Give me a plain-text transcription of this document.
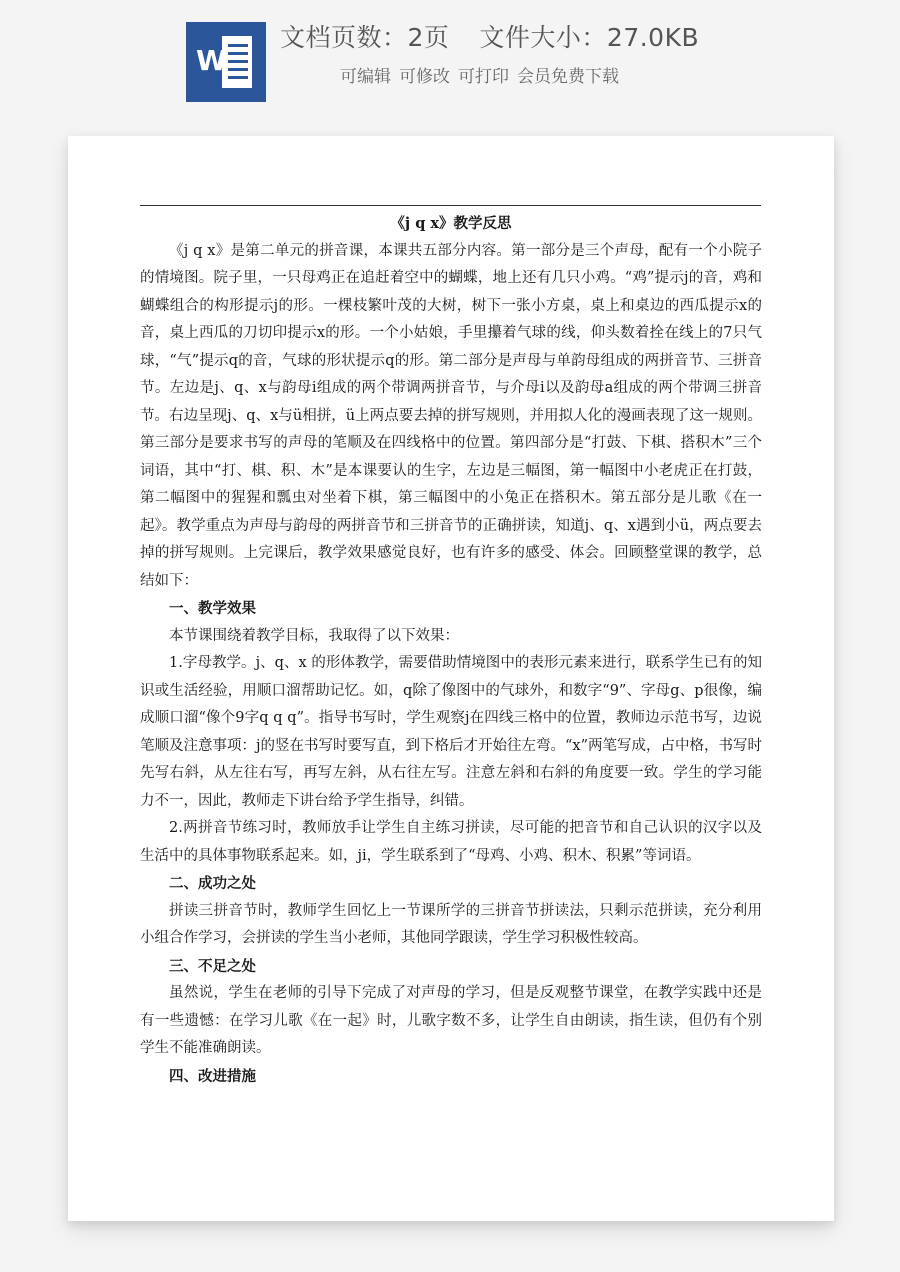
W
文档页数：2页 文件大小：27.0KB
可编辑 可修改 可打印 会员免费下载

《j q x》教学反思

《j q x》是第二单元的拼音课，本课共五部分内容。第一部分是三个声母，配有一个小院子的情境图。院子里，一只母鸡正在追赶着空中的蝴蝶，地上还有几只小鸡。“鸡”提示j的音，鸡和蝴蝶组合的构形提示j的形。一棵枝繁叶茂的大树，树下一张小方桌，桌上和桌边的西瓜提示x的音，桌上西瓜的刀切印提示x的形。一个小姑娘，手里攥着气球的线，仰头数着拴在线上的7只气球，“气”提示q的音，气球的形状提示q的形。第二部分是声母与单韵母组成的两拼音节、三拼音节。左边是j、q、x与韵母i组成的两个带调两拼音节，与介母i以及韵母a组成的两个带调三拼音节。右边呈现j、q、x与ü相拼，ü上两点要去掉的拼写规则，并用拟人化的漫画表现了这一规则。第三部分是要求书写的声母的笔顺及在四线格中的位置。第四部分是“打鼓、下棋、搭积木”三个词语，其中“打、棋、积、木”是本课要认的生字，左边是三幅图，第一幅图中小老虎正在打鼓，第二幅图中的猩猩和瓢虫对坐着下棋，第三幅图中的小兔正在搭积木。第五部分是儿歌《在一起》。教学重点为声母与韵母的两拼音节和三拼音节的正确拼读，知道j、q、x遇到小ü，两点要去掉的拼写规则。上完课后，教学效果感觉良好，也有许多的感受、体会。回顾整堂课的教学，总结如下：

一、教学效果

本节课围绕着教学目标，我取得了以下效果：

1.字母教学。j、q、x 的形体教学，需要借助情境图中的表形元素来进行，联系学生已有的知识或生活经验，用顺口溜帮助记忆。如，q除了像图中的气球外，和数字“9”、字母g、p很像，编成顺口溜“像个9字q q q”。指导书写时，学生观察j在四线三格中的位置，教师边示范书写，边说笔顺及注意事项：j的竖在书写时要写直，到下格后才开始往左弯。“x”两笔写成，占中格，书写时先写右斜，从左往右写，再写左斜，从右往左写。注意左斜和右斜的角度要一致。学生的学习能力不一，因此，教师走下讲台给予学生指导，纠错。

2.两拼音节练习时，教师放手让学生自主练习拼读，尽可能的把音节和自己认识的汉字以及生活中的具体事物联系起来。如，ji，学生联系到了“母鸡、小鸡、积木、积累”等词语。

二、成功之处

拼读三拼音节时，教师学生回忆上一节课所学的三拼音节拼读法，只剩示范拼读，充分利用小组合作学习，会拼读的学生当小老师，其他同学跟读，学生学习积极性较高。

三、不足之处

虽然说，学生在老师的引导下完成了对声母的学习，但是反观整节课堂，在教学实践中还是有一些遗憾：在学习儿歌《在一起》时，儿歌字数不多，让学生自由朗读，指生读，但仍有个别学生不能准确朗读。

四、改进措施
